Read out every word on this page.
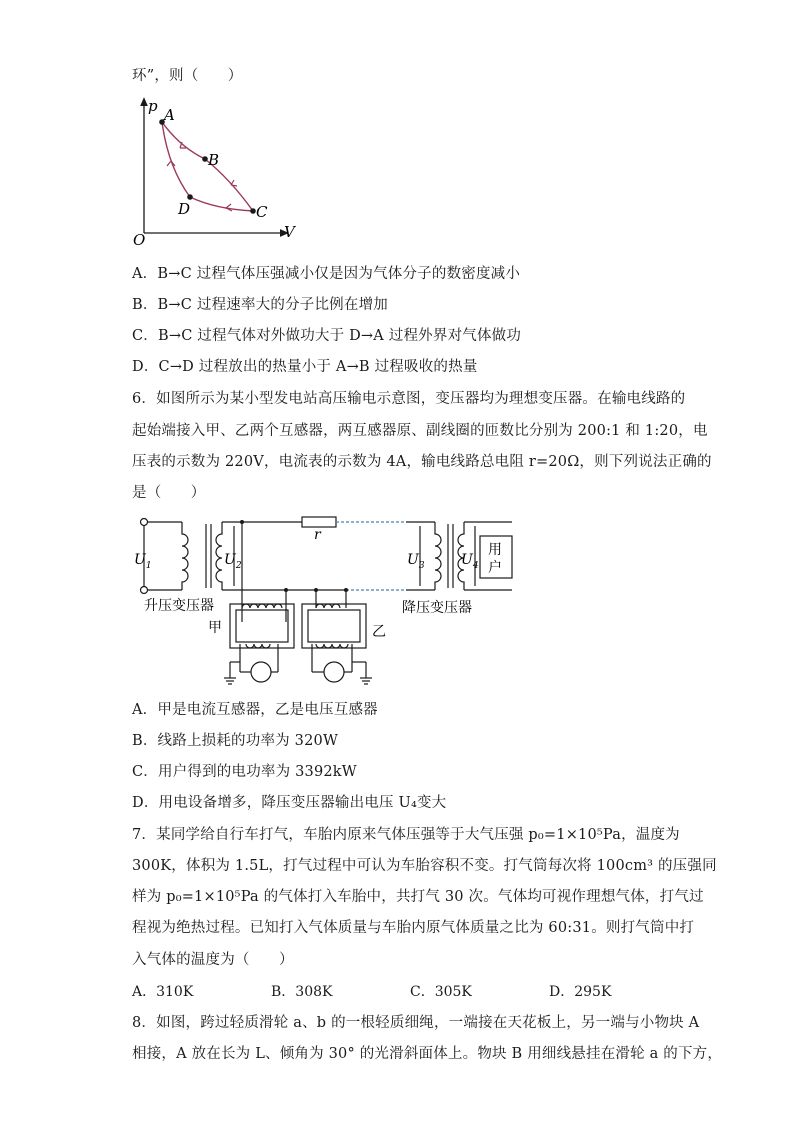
环”，则（　　）
p
V
O
A
B
C
D
A．B→C 过程气体压强减小仅是因为气体分子的数密度减小
B．B→C 过程速率大的分子比例在增加
C．B→C 过程气体对外做功大于 D→A 过程外界对气体做功
D．C→D 过程放出的热量小于 A→B 过程吸收的热量
6．如图所示为某小型发电站高压输电示意图，变压器均为理想变压器。在输电线路的
起始端接入甲、乙两个互感器，两互感器原、副线圈的匝数比分别为 200:1 和 1:20，电
压表的示数为 220V，电流表的示数为 4A，输电线路总电阻 r=20Ω，则下列说法正确的
是（　　）
$U_1$	$U_2$	$U_3$	$U_4$
r
用
户
升压变压器	降压变压器
甲	乙
A．甲是电流互感器，乙是电压互感器
B．线路上损耗的功率为 320W
C．用户得到的电功率为 3392kW
D．用电设备增多，降压变压器输出电压 U₄变大
7．某同学给自行车打气，车胎内原来气体压强等于大气压强 p₀=1×10⁵Pa，温度为
300K，体积为 1.5L，打气过程中可认为车胎容积不变。打气筒每次将 100cm³ 的压强同
样为 p₀=1×10⁵Pa 的气体打入车胎中，共打气 30 次。气体均可视作理想气体，打气过
程视为绝热过程。已知打入气体质量与车胎内原气体质量之比为 60:31。则打气筒中打
入气体的温度为（　　）
A．310K	B．308K	C．305K	D．295K
8．如图，跨过轻质滑轮 a、b 的一根轻质细绳，一端接在天花板上，另一端与小物块 A
相接，A 放在长为 L、倾角为 30° 的光滑斜面体上。物块 B 用细线悬挂在滑轮 a 的下方，
